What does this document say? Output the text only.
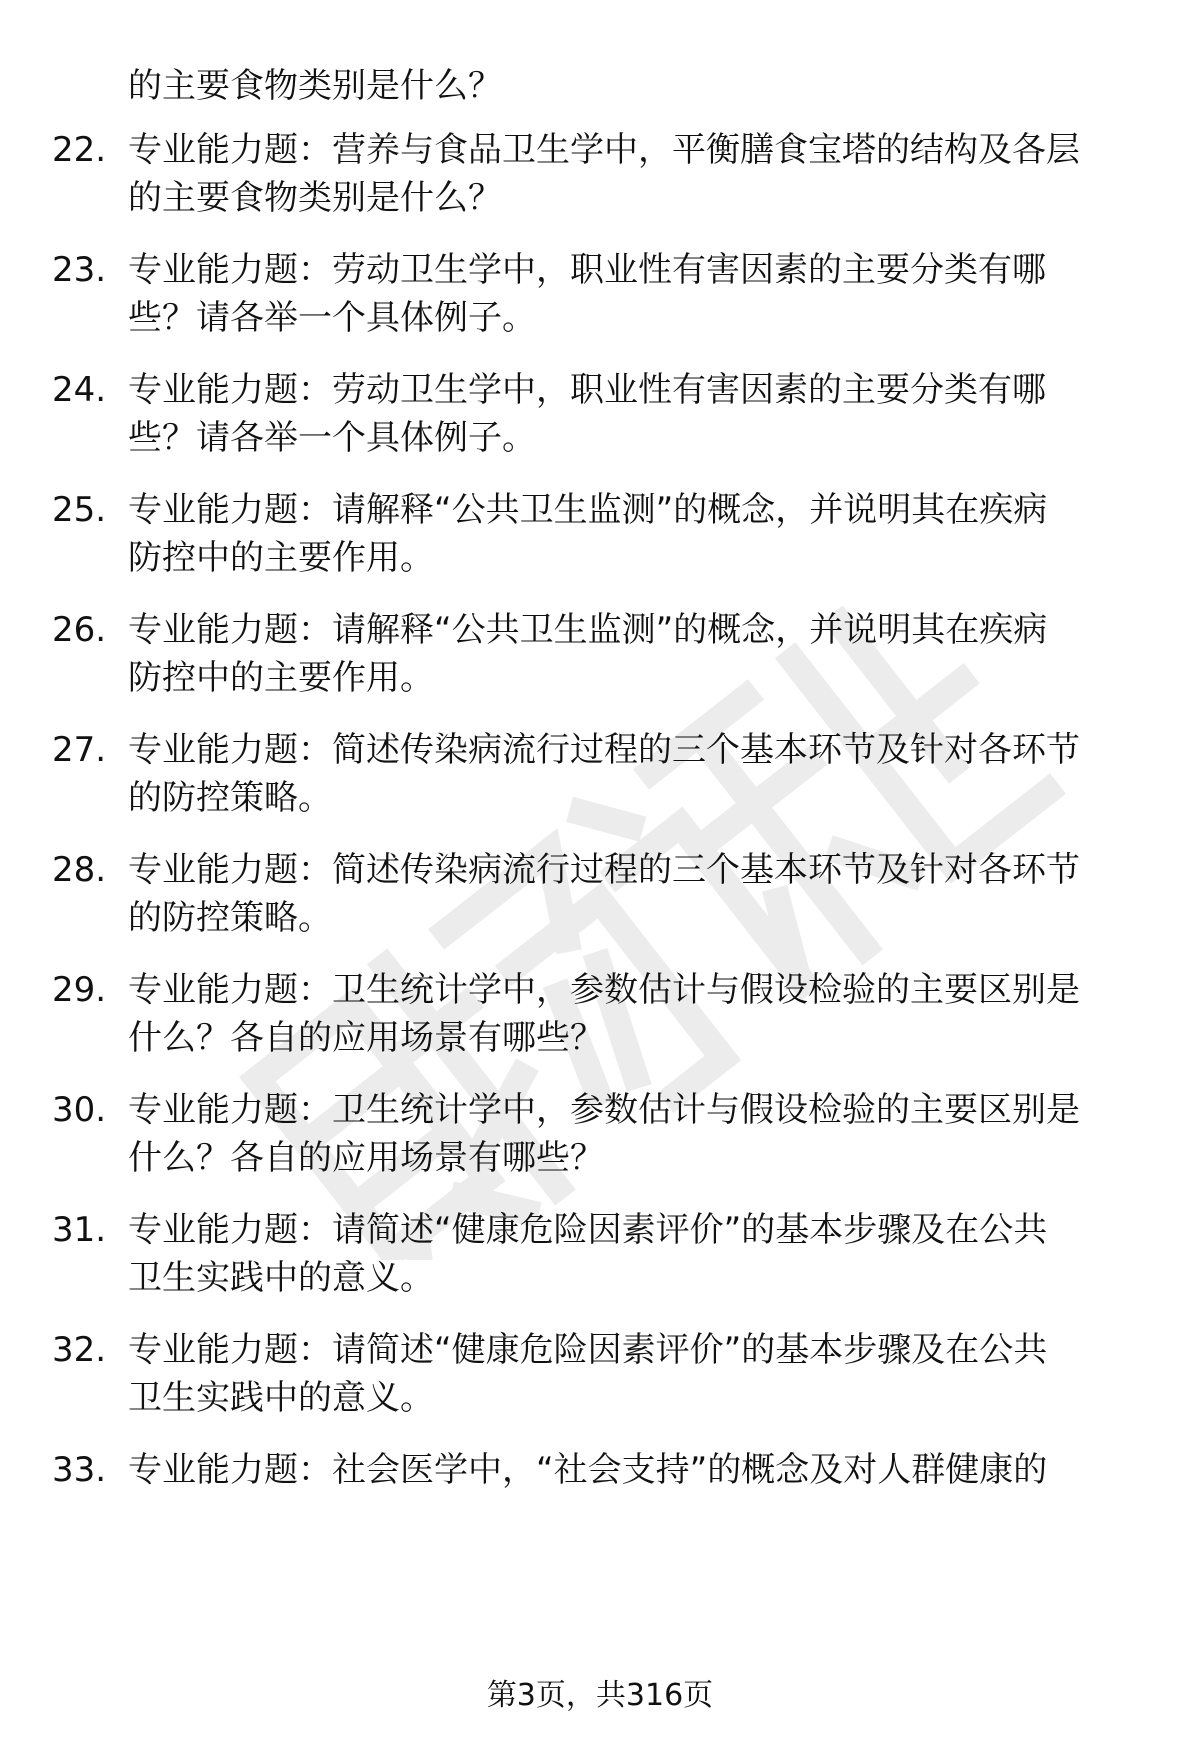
的主要食物类别是什么？
22. 专业能力题：营养与食品卫生学中，平衡膳食宝塔的结构及各层
的主要食物类别是什么？
23. 专业能力题：劳动卫生学中，职业性有害因素的主要分类有哪
些？请各举一个具体例子。
24. 专业能力题：劳动卫生学中，职业性有害因素的主要分类有哪
些？请各举一个具体例子。
25. 专业能力题：请解释“公共卫生监测”的概念，并说明其在疾病
防控中的主要作用。
26. 专业能力题：请解释“公共卫生监测”的概念，并说明其在疾病
防控中的主要作用。
27. 专业能力题：简述传染病流行过程的三个基本环节及针对各环节
的防控策略。
28. 专业能力题：简述传染病流行过程的三个基本环节及针对各环节
的防控策略。
29. 专业能力题：卫生统计学中，参数估计与假设检验的主要区别是
什么？各自的应用场景有哪些？
30. 专业能力题：卫生统计学中，参数估计与假设检验的主要区别是
什么？各自的应用场景有哪些？
31. 专业能力题：请简述“健康危险因素评价”的基本步骤及在公共
卫生实践中的意义。
32. 专业能力题：请简述“健康危险因素评价”的基本步骤及在公共
卫生实践中的意义。
33. 专业能力题：社会医学中，“社会支持”的概念及对人群健康的
第3页，共316页
